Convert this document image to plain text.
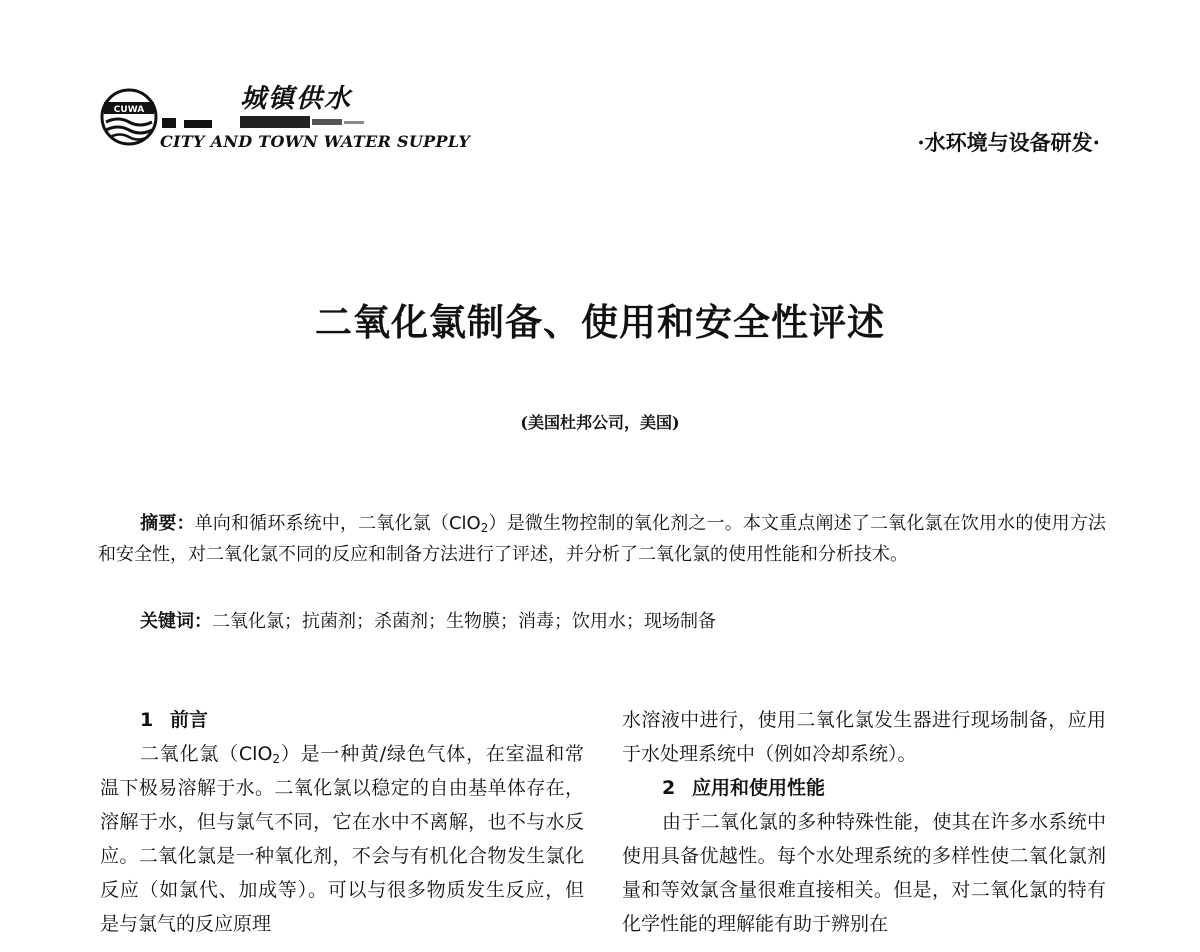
CUWA	城镇供水
CITY AND TOWN WATER SUPPLY	·水环境与设备研发·
二氧化氯制备、使用和安全性评述
(美国杜邦公司，美国)
摘要：单向和循环系统中，二氧化氯（ClO$_2$）是微生物控制的氧化剂之一。本文重点阐述了二氧化氯在饮用水的使用方法和安全性，对二氧化氯不同的反应和制备方法进行了评述，并分析了二氧化氯的使用性能和分析技术。
关键词：二氧化氯；抗菌剂；杀菌剂；生物膜；消毒；饮用水；现场制备
1 前言

二氧化氯（ClO$_2$）是一种黄/绿色气体，在室温和常温下极易溶解于水。二氧化氯以稳定的自由基单体存在，溶解于水，但与氯气不同，它在水中不离解，也不与水反应。二氧化氯是一种氧化剂，不会与有机化合物发生氯化反应（如氯代、加成等）。可以与很多物质发生反应，但是与氯气的反应原理

水溶液中进行，使用二氧化氯发生器进行现场制备，应用于水处理系统中（例如冷却系统）。

2 应用和使用性能

由于二氧化氯的多种特殊性能，使其在许多水系统中使用具备优越性。每个水处理系统的多样性使二氧化氯剂量和等效氯含量很难直接相关。但是，对二氧化氯的特有化学性能的理解能有助于辨别在
